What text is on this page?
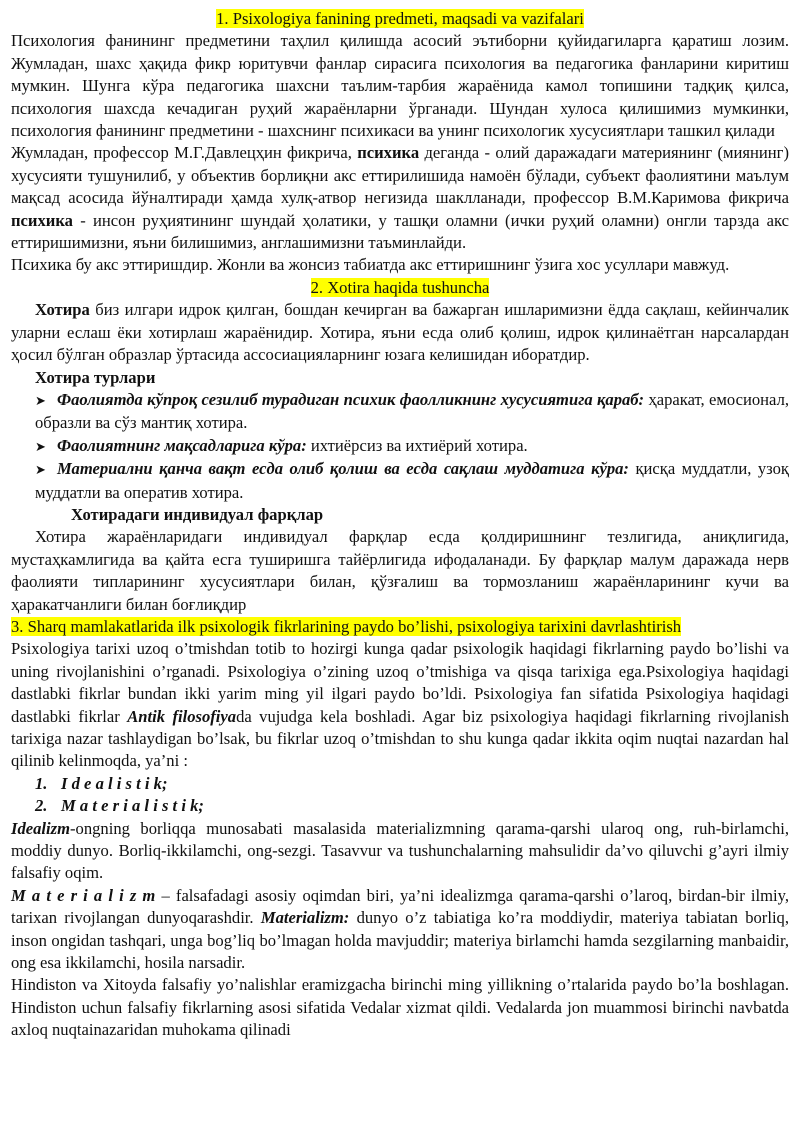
1. Psixologiya fanining predmeti, maqsadi va vazifalari

Психология фанининг предметини таҳлил қилишда асосий эътиборни қуйидагиларга қаратиш лозим. Жумладан, шахс ҳақида фикр юритувчи фанлар сирасига психология ва педагогика фанларини киритиш мумкин. Шунга кўра педагогика шахсни таълим-тарбия жараёнида камол топишини тадқиқ қилса, психология шахсда кечадиган руҳий жараёнларни ўрганади. Шундан хулоса қилишимиз мумкинки, психология фанининг предметини - шахснинг психикаси ва унинг психологик хусусиятлари ташкил қилади

Жумладан, профессор М.Г.Давлецҳин фикрича, психика деганда - олий даражадаги материянинг (миянинг) хусусияти тушунилиб, у объектив борлиқни акс еттирилишида намоён бўлади, субъект фаолиятини маълум мақсад асосида йўналтиради ҳамда хулқ-атвор негизида шаклланади, профессор В.М.Каримова фикрича психика - инсон руҳиятининг шундай ҳолатики, у ташқи оламни (ички руҳий оламни) онгли тарзда акс еттиришимизни, яъни билишимиз, англашимизни таъминлайди.

Психика бу акс эттиришдир. Жонли ва жонсиз табиатда акс еттиришнинг ўзига хос усуллари мавжуд.

2. Xotira haqida tushuncha

Хотира биз илгари идрок қилган, бошдан кечирган ва бажарган ишларимизни ёдда сақлаш, кейинчалик уларни еслаш ёки хотирлаш жараёнидир. Хотира, яъни есда олиб қолиш, идрок қилинаётган нарсалардан ҳосил бўлган образлар ўртасида ассосиацияларнинг юзага келишидан иборатдир.

Хотира турлари

➤ Фаолиятда кўпроқ сезилиб турадиган психик фаолликнинг хусусиятига қараб: ҳаракат, емосионал, образли ва сўз мантиқ хотира.

➤ Фаолиятнинг мақсадларига кўра: ихтиёрсиз ва ихтиёрий хотира.

➤ Материални қанча вақт есда олиб қолиш ва есда сақлаш муддатига кўра: қисқа муддатли, узоқ муддатли ва оператив хотира.

Хотирадаги индивидуал фарқлар

Хотира жараёнларидаги индивидуал фарқлар есда қолдиришнинг тезлигида, аниқлигида, мустаҳкамлигида ва қайта есга туширишга тайёрлигида ифодаланади. Бу фарқлар малум даражада нерв фаолияти типларининг хусусиятлари билан, қўзғалиш ва тормозланиш жараёнларининг кучи ва ҳаракатчанлиги билан боғлиқдир

3. Sharq mamlakatlarida ilk psixologik fikrlarining paydo bo’lishi, psixologiya tarixini davrlashtirish

Psixologiya tarixi uzoq o’tmishdan totib to hozirgi kunga qadar psixologik haqidagi fikrlarning paydo bo’lishi va uning rivojlanishini o’rganadi. Psixologiya o’zining uzoq o’tmishiga va qisqa tarixiga ega.Psixologiya haqidagi dastlabki fikrlar bundan ikki yarim ming yil ilgari paydo bo’ldi. Psixologiya fan sifatida Psixologiya haqidagi dastlabki fikrlar Antik filosofiyada vujudga kela boshladi. Agar biz psixologiya haqidagi fikrlarning rivojlanish tarixiga nazar tashlaydigan bo’lsak, bu fikrlar uzoq o’tmishdan to shu kunga qadar ikkita oqim nuqtai nazardan hal qilinib kelinmoqda, ya’ni :

1. I d e a l i s t i k;

2. M a t e r i a l i s t i k;

Idealizm-ongning borliqqa munosabati masalasida materializmning qarama-qarshi ularoq ong, ruh-birlamchi, moddiy dunyo. Borliq-ikkilamchi, ong-sezgi. Tasavvur va tushunchalarning mahsulidir da’vo qiluvchi g’ayri ilmiy falsafiy oqim.

M a t e r i a l i z m – falsafadagi asosiy oqimdan biri, ya’ni idealizmga qarama-qarshi o’laroq, birdan-bir ilmiy, tarixan rivojlangan dunyoqarashdir. Materializm: dunyo o’z tabiatiga ko’ra moddiydir, materiya tabiatan borliq, inson ongidan tashqari, unga bog’liq bo’lmagan holda mavjuddir; materiya birlamchi hamda sezgilarning manbaidir, ong esa ikkilamchi, hosila narsadir.

Hindiston va Xitoyda falsafiy yo’nalishlar eramizgacha birinchi ming yillikning o’rtalarida paydo bo’la boshlagan. Hindiston uchun falsafiy fikrlarning asosi sifatida Vedalar xizmat qildi. Vedalarda jon muammosi birinchi navbatda axloq nuqtainazaridan muhokama qilinadi
